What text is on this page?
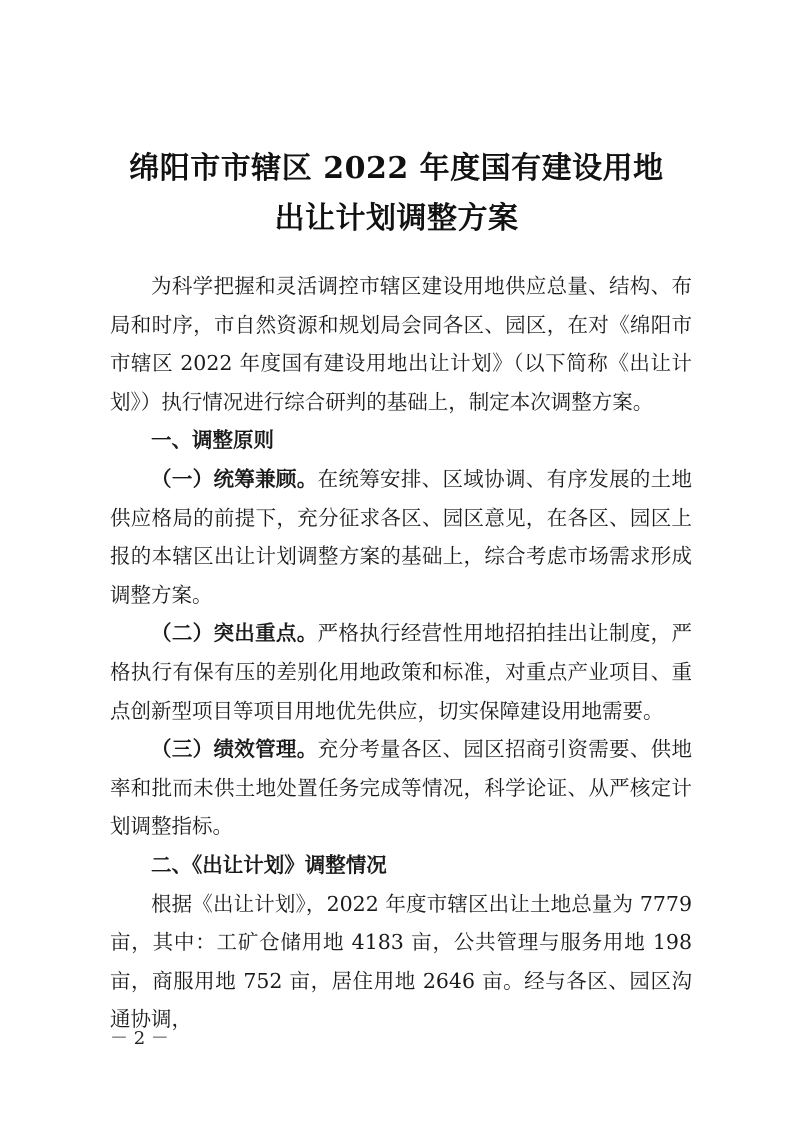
绵阳市市辖区 2022 年度国有建设用地
出让计划调整方案

为科学把握和灵活调控市辖区建设用地供应总量、结构、布局和时序，市自然资源和规划局会同各区、园区，在对《绵阳市市辖区 2022 年度国有建设用地出让计划》（以下简称《出让计划》）执行情况进行综合研判的基础上，制定本次调整方案。

一、调整原则

（一）统筹兼顾。在统筹安排、区域协调、有序发展的土地供应格局的前提下，充分征求各区、园区意见，在各区、园区上报的本辖区出让计划调整方案的基础上，综合考虑市场需求形成调整方案。

（二）突出重点。严格执行经营性用地招拍挂出让制度，严格执行有保有压的差别化用地政策和标准，对重点产业项目、重点创新型项目等项目用地优先供应，切实保障建设用地需要。

（三）绩效管理。充分考量各区、园区招商引资需要、供地率和批而未供土地处置任务完成等情况，科学论证、从严核定计划调整指标。

二、《出让计划》调整情况

根据《出让计划》，2022 年度市辖区出让土地总量为 7779 亩，其中：工矿仓储用地 4183 亩，公共管理与服务用地 198 亩，商服用地 752 亩，居住用地 2646 亩。经与各区、园区沟通协调，

－ 2 －
